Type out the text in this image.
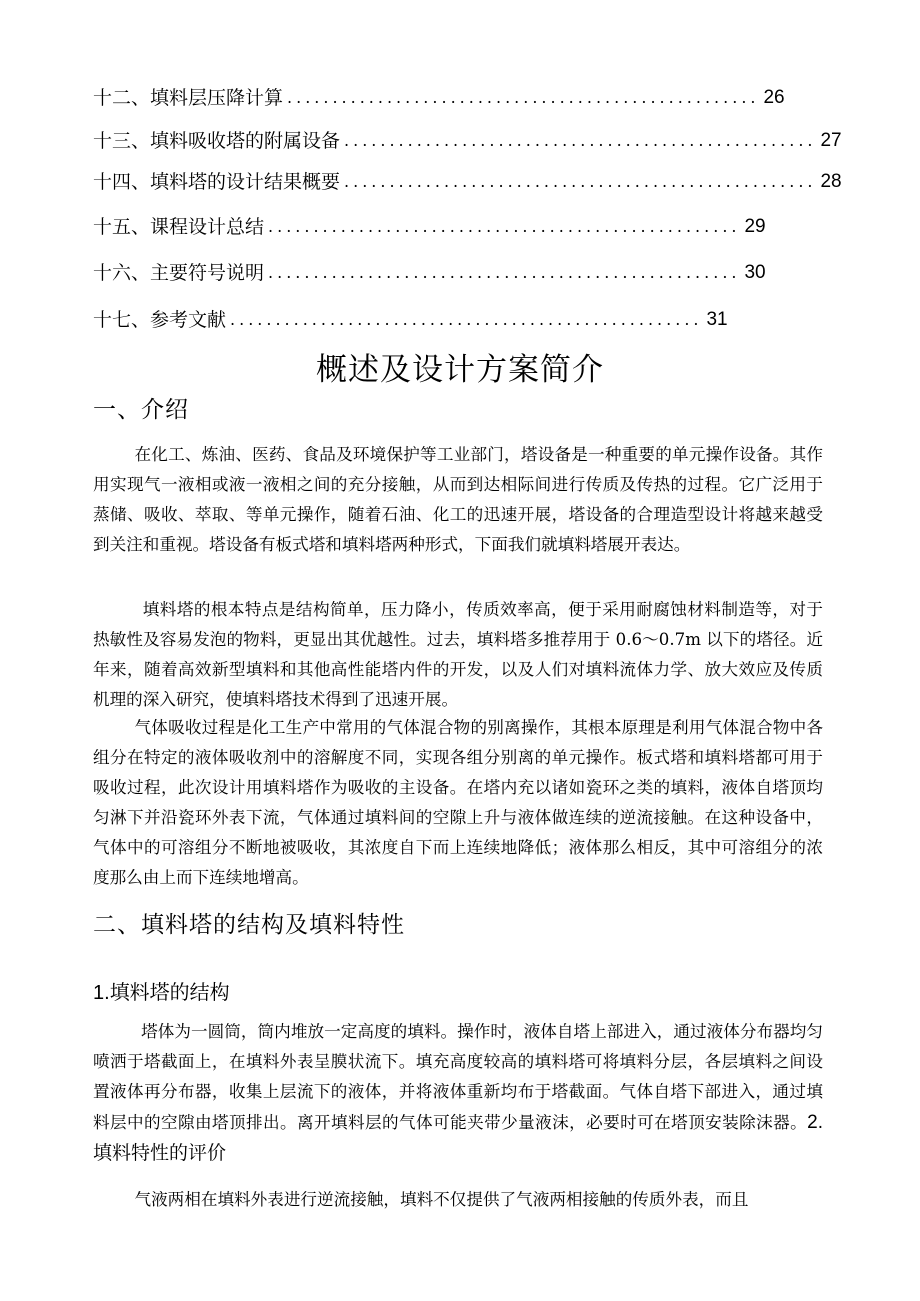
十二、填料层压降计算 .................................................... 26
十三、填料吸收塔的附属设备 .................................................... 27
十四、填料塔的设计结果概要 .................................................... 28
十五、课程设计总结 .................................................... 29
十六、主要符号说明 .................................................... 30
十七、参考文献 .................................................... 31
概述及设计方案简介
一、介绍

在化工、炼油、医药、食品及环境保护等工业部门，塔设备是一种重要的单元操作设备。其作用实现气一液相或液一液相之间的充分接触，从而到达相际间进行传质及传热的过程。它广泛用于蒸储、吸收、萃取、等单元操作，随着石油、化工的迅速开展，塔设备的合理造型设计将越来越受到关注和重视。塔设备有板式塔和填料塔两种形式，下面我们就填料塔展开表达。

填料塔的根本特点是结构简单，压力降小，传质效率高，便于采用耐腐蚀材料制造等，对于热敏性及容易发泡的物料，更显出其优越性。过去，填料塔多推荐用于 0.6～0.7m 以下的塔径。近年来，随着高效新型填料和其他高性能塔内件的开发，以及人们对填料流体力学、放大效应及传质机理的深入研究，使填料塔技术得到了迅速开展。

气体吸收过程是化工生产中常用的气体混合物的别离操作，其根本原理是利用气体混合物中各组分在特定的液体吸收剂中的溶解度不同，实现各组分别离的单元操作。板式塔和填料塔都可用于吸收过程，此次设计用填料塔作为吸收的主设备。在塔内充以诸如瓷环之类的填料，液体自塔顶均匀淋下并沿瓷环外表下流，气体通过填料间的空隙上升与液体做连续的逆流接触。在这种设备中，气体中的可溶组分不断地被吸收，其浓度自下而上连续地降低；液体那么相反，其中可溶组分的浓度那么由上而下连续地增高。

二、填料塔的结构及填料特性
1.填料塔的结构

塔体为一圆筒，筒内堆放一定高度的填料。操作时，液体自塔上部进入，通过液体分布器均匀喷洒于塔截面上，在填料外表呈膜状流下。填充高度较高的填料塔可将填料分层，各层填料之间设置液体再分布器，收集上层流下的液体，并将液体重新均布于塔截面。气体自塔下部进入，通过填料层中的空隙由塔顶排出。离开填料层的气体可能夹带少量液沫，必要时可在塔顶安装除沫器。2.填料特性的评价

气液两相在填料外表进行逆流接触，填料不仅提供了气液两相接触的传质外表，而且
